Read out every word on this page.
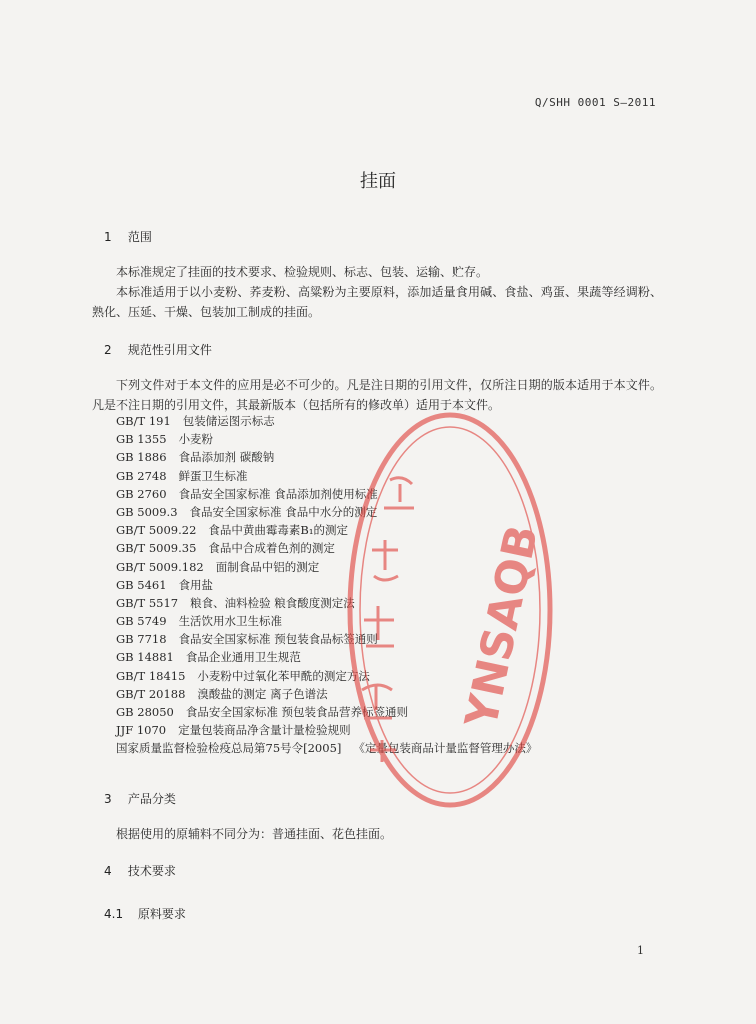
Q/SHH 0001 S—2011
挂面
1 范围
本标准规定了挂面的技术要求、检验规则、标志、包装、运输、贮存。
本标准适用于以小麦粉、荞麦粉、高粱粉为主要原料，添加适量食用碱、食盐、鸡蛋、果蔬等经调粉、熟化、压延、干燥、包装加工制成的挂面。
2 规范性引用文件
下列文件对于本文件的应用是必不可少的。凡是注日期的引用文件，仅所注日期的版本适用于本文件。凡是不注日期的引用文件，其最新版本（包括所有的修改单）适用于本文件。
GB/T 191 包装储运图示标志
GB 1355 小麦粉
GB 1886 食品添加剂 碳酸钠
GB 2748 鲜蛋卫生标准
GB 2760 食品安全国家标准 食品添加剂使用标准
GB 5009.3 食品安全国家标准 食品中水分的测定
GB/T 5009.22 食品中黄曲霉毒素B₁的测定
GB/T 5009.35 食品中合成着色剂的测定
GB/T 5009.182 面制食品中铝的测定
GB 5461 食用盐
GB/T 5517 粮食、油料检验 粮食酸度测定法
GB 5749 生活饮用水卫生标准
GB 7718 食品安全国家标准 预包装食品标签通则
GB 14881 食品企业通用卫生规范
GB/T 18415 小麦粉中过氧化苯甲酰的测定方法
GB/T 20188 溴酸盐的测定 离子色谱法
GB 28050 食品安全国家标准 预包装食品营养标签通则
JJF 1070 定量包装商品净含量计量检验规则
国家质量监督检验检疫总局第75号令[2005] 《定量包装商品计量监督管理办法》
3 产品分类
根据使用的原辅料不同分为：普通挂面、花色挂面。
4 技术要求
4.1 原料要求
YNSAQB
1
